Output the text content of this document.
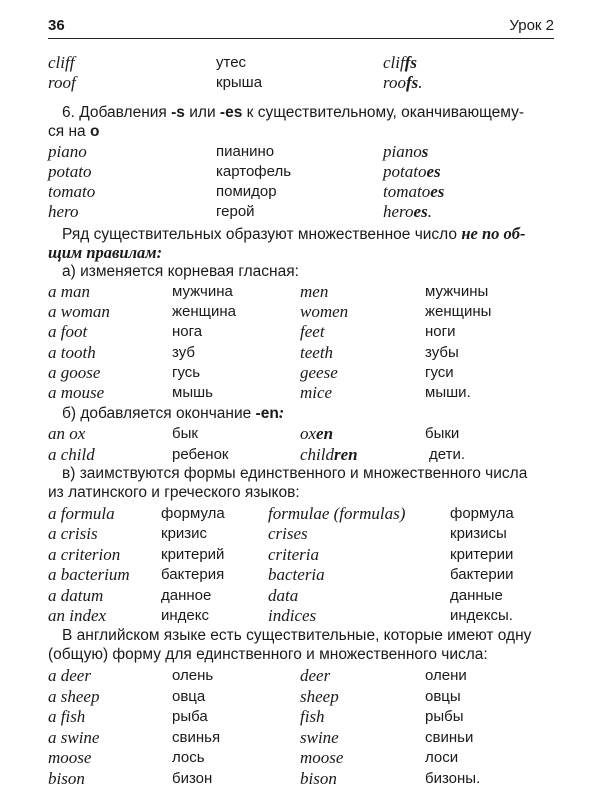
36	Урок 2
cliff	утес	cliffs
roof	крыша	roofs.
6. Добавления -s или -es к существительному, оканчивающему-
ся на o
piano	пианино	pianos
potato	картофель	potatoes
tomato	помидор	tomatoes
hero	герой	heroes.
Ряд существительных образуют множественное число не по об-
щим правилам:
а) изменяется корневая гласная:
a man	мужчина	men	мужчины
a woman	женщина	women	женщины
a foot	нога	feet	ноги
a tooth	зуб	teeth	зубы
a goose	гусь	geese	гуси
a mouse	мышь	mice	мыши.
б) добавляется окончание -en:
an ox	бык	oxen	быки
a child	ребенок	children	дети.
в) заимствуются формы единственного и множественного числа
из латинского и греческого языков:
a formula	формула	formulae (formulas)	формула
a crisis	кризис	crises	кризисы
a criterion	критерий	criteria	критерии
a bacterium бактерия	bacteria	бактерии
a datum	данное	data	данные
an index	индекс	indices	индексы.
В английском языке есть существительные, которые имеют одну
(общую) форму для единственного и множественного числа:
a deer	олень	deer	олени
a sheep	овца	sheep	овцы
a fish	рыба	fish	рыбы
a swine	свинья	swine	свиньи
moose	лось	moose	лоси
bison	бизон	bison	бизоны.
